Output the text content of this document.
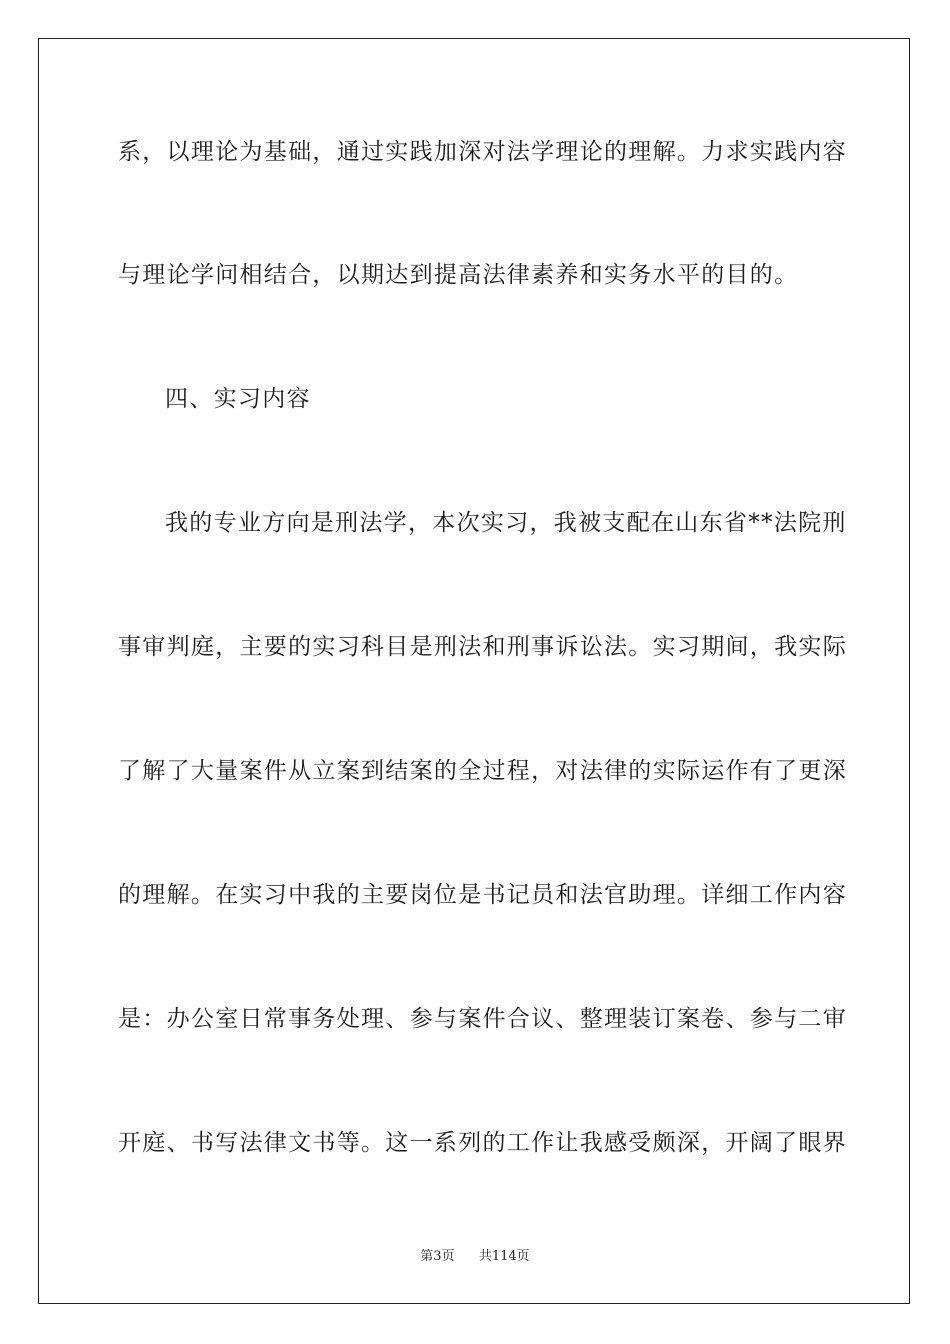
系，以理论为基础，通过实践加深对法学理论的理解。力求实践内容
与理论学问相结合，以期达到提高法律素养和实务水平的目的。
四、实习内容
我的专业方向是刑法学，本次实习，我被支配在山东省**法院刑
事审判庭，主要的实习科目是刑法和刑事诉讼法。实习期间，我实际
了解了大量案件从立案到结案的全过程，对法律的实际运作有了更深
的理解。在实习中我的主要岗位是书记员和法官助理。详细工作内容
是：办公室日常事务处理、参与案件合议、整理装订案卷、参与二审
开庭、书写法律文书等。这一系列的工作让我感受颇深，开阔了眼界
第3页 共114页
